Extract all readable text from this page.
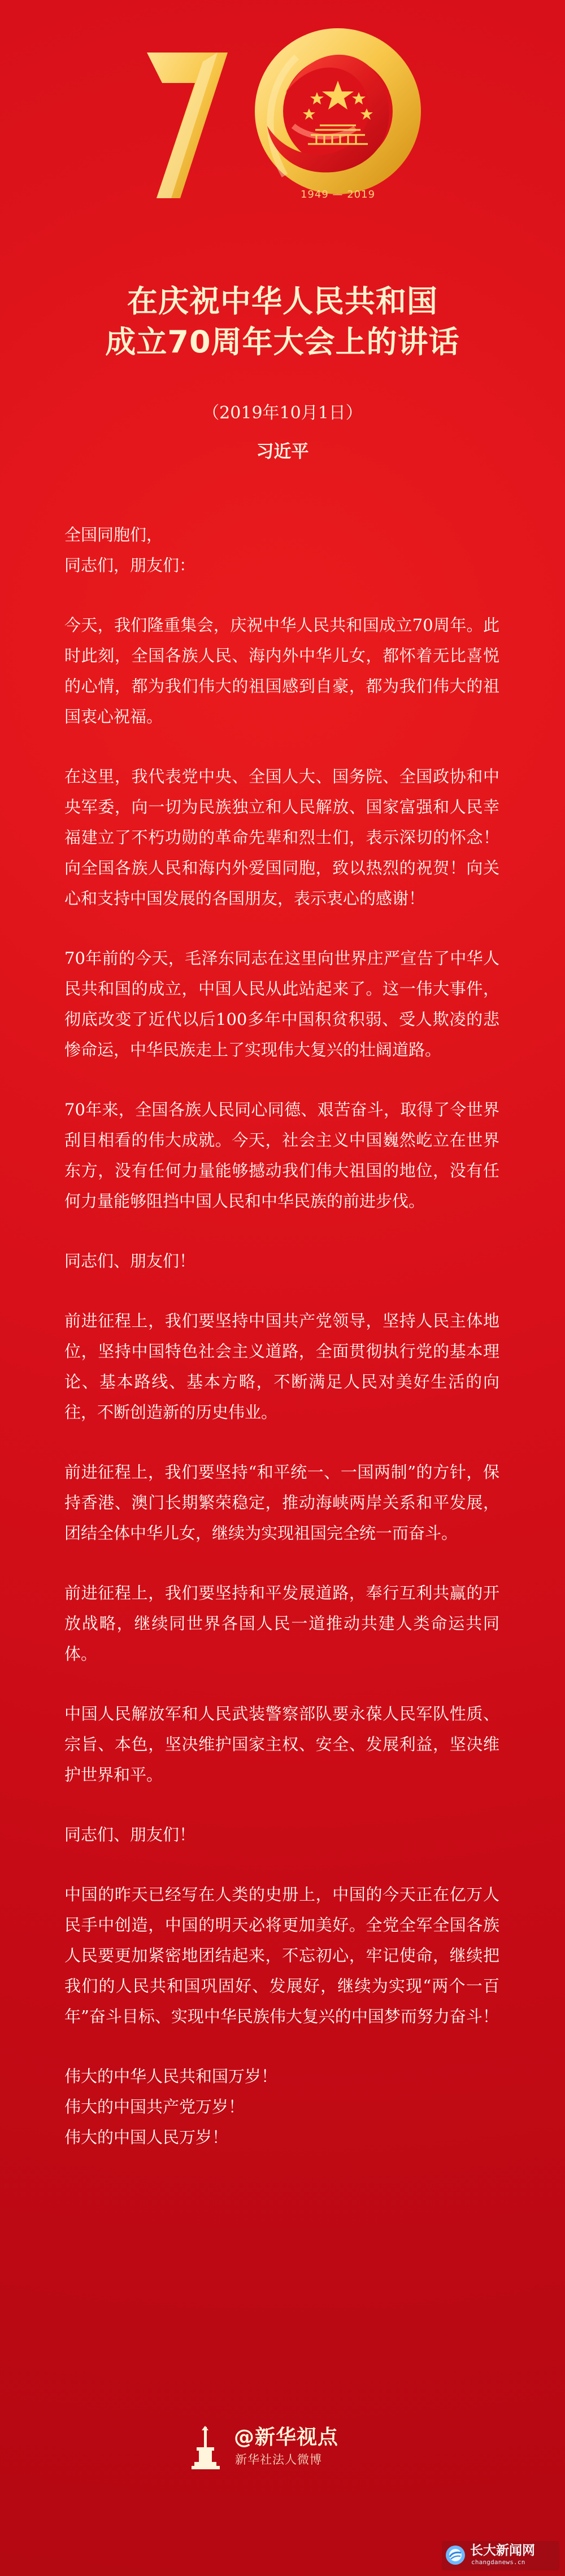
1949 — 2019
在庆祝中华人民共和国
成立70周年大会上的讲话
（2019年10月1日）
习近平

全国同胞们，
同志们，朋友们：

今天，我们隆重集会，庆祝中华人民共和国成立70周年。此时此刻，全国各族人民、海内外中华儿女，都怀着无比喜悦的心情，都为我们伟大的祖国感到自豪，都为我们伟大的祖国衷心祝福。

在这里，我代表党中央、全国人大、国务院、全国政协和中央军委，向一切为民族独立和人民解放、国家富强和人民幸福建立了不朽功勋的革命先辈和烈士们，表示深切的怀念！向全国各族人民和海内外爱国同胞，致以热烈的祝贺！向关心和支持中国发展的各国朋友，表示衷心的感谢！

70年前的今天，毛泽东同志在这里向世界庄严宣告了中华人民共和国的成立，中国人民从此站起来了。这一伟大事件，彻底改变了近代以后100多年中国积贫积弱、受人欺凌的悲惨命运，中华民族走上了实现伟大复兴的壮阔道路。

70年来，全国各族人民同心同德、艰苦奋斗，取得了令世界刮目相看的伟大成就。今天，社会主义中国巍然屹立在世界东方，没有任何力量能够撼动我们伟大祖国的地位，没有任何力量能够阻挡中国人民和中华民族的前进步伐。

同志们、朋友们！

前进征程上，我们要坚持中国共产党领导，坚持人民主体地位，坚持中国特色社会主义道路，全面贯彻执行党的基本理论、基本路线、基本方略，不断满足人民对美好生活的向往，不断创造新的历史伟业。

前进征程上，我们要坚持“和平统一、一国两制”的方针，保持香港、澳门长期繁荣稳定，推动海峡两岸关系和平发展，团结全体中华儿女，继续为实现祖国完全统一而奋斗。

前进征程上，我们要坚持和平发展道路，奉行互利共赢的开放战略，继续同世界各国人民一道推动共建人类命运共同体。

中国人民解放军和人民武装警察部队要永葆人民军队性质、宗旨、本色，坚决维护国家主权、安全、发展利益，坚决维护世界和平。

同志们、朋友们！

中国的昨天已经写在人类的史册上，中国的今天正在亿万人民手中创造，中国的明天必将更加美好。全党全军全国各族人民要更加紧密地团结起来，不忘初心，牢记使命，继续把我们的人民共和国巩固好、发展好，继续为实现“两个一百年”奋斗目标、实现中华民族伟大复兴的中国梦而努力奋斗！

伟大的中华人民共和国万岁！
伟大的中国共产党万岁！
伟大的中国人民万岁！

@新华视点
新华社法人微博
长大新闻网
changdanews.cn
